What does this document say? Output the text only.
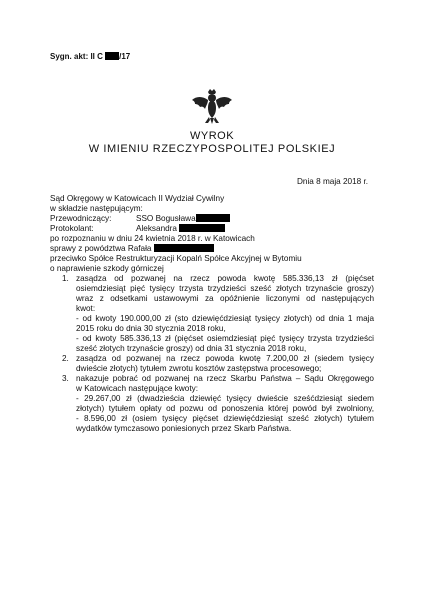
Sygn. akt: II C /17
WYROK
W IMIENIU RZECZYPOSPOLITEJ POLSKIEJ
Dnia 8 maja 2018 r.
Sąd Okręgowy w Katowicach II Wydział Cywilny
w składzie następującym:
Przewodniczący:	SSO Bogusława
Protokolant:	Aleksandra
po rozpoznaniu w dniu 24 kwietnia 2018 r. w Katowicach
sprawy z powództwa Rafała
przeciwko Spółce Restrukturyzacji Kopalń Spółce Akcyjnej w Bytomiu
o naprawienie szkody górniczej
1. zasądza od pozwanej na rzecz powoda kwotę 585.336,13 zł (pięćset
osiemdziesiąt pięć tysięcy trzysta trzydzieści sześć złotych trzynaście groszy)
wraz z odsetkami ustawowymi za opóźnienie liczonymi od następujących
kwot:
- od kwoty 190.000,00 zł (sto dziewięćdziesiąt tysięcy złotych) od dnia 1 maja
2015 roku do dnia 30 stycznia 2018 roku,
- od kwoty 585.336,13 zł (pięćset osiemdziesiąt pięć tysięcy trzysta trzydzieści
sześć złotych trzynaście groszy) od dnia 31 stycznia 2018 roku,
2. zasądza od pozwanej na rzecz powoda kwotę 7.200,00 zł (siedem tysięcy
dwieście złotych) tytułem zwrotu kosztów zastępstwa procesowego;
3. nakazuje pobrać od pozwanej na rzecz Skarbu Państwa – Sądu Okręgowego
w Katowicach następujące kwoty:
- 29.267,00 zł (dwadzieścia dziewięć tysięcy dwieście sześćdziesiąt siedem
złotych) tytułem opłaty od pozwu od ponoszenia której powód był zwolniony,
- 8.596,00 zł (osiem tysięcy pięćset dziewięćdziesiąt sześć złotych) tytułem
wydatków tymczasowo poniesionych przez Skarb Państwa.
